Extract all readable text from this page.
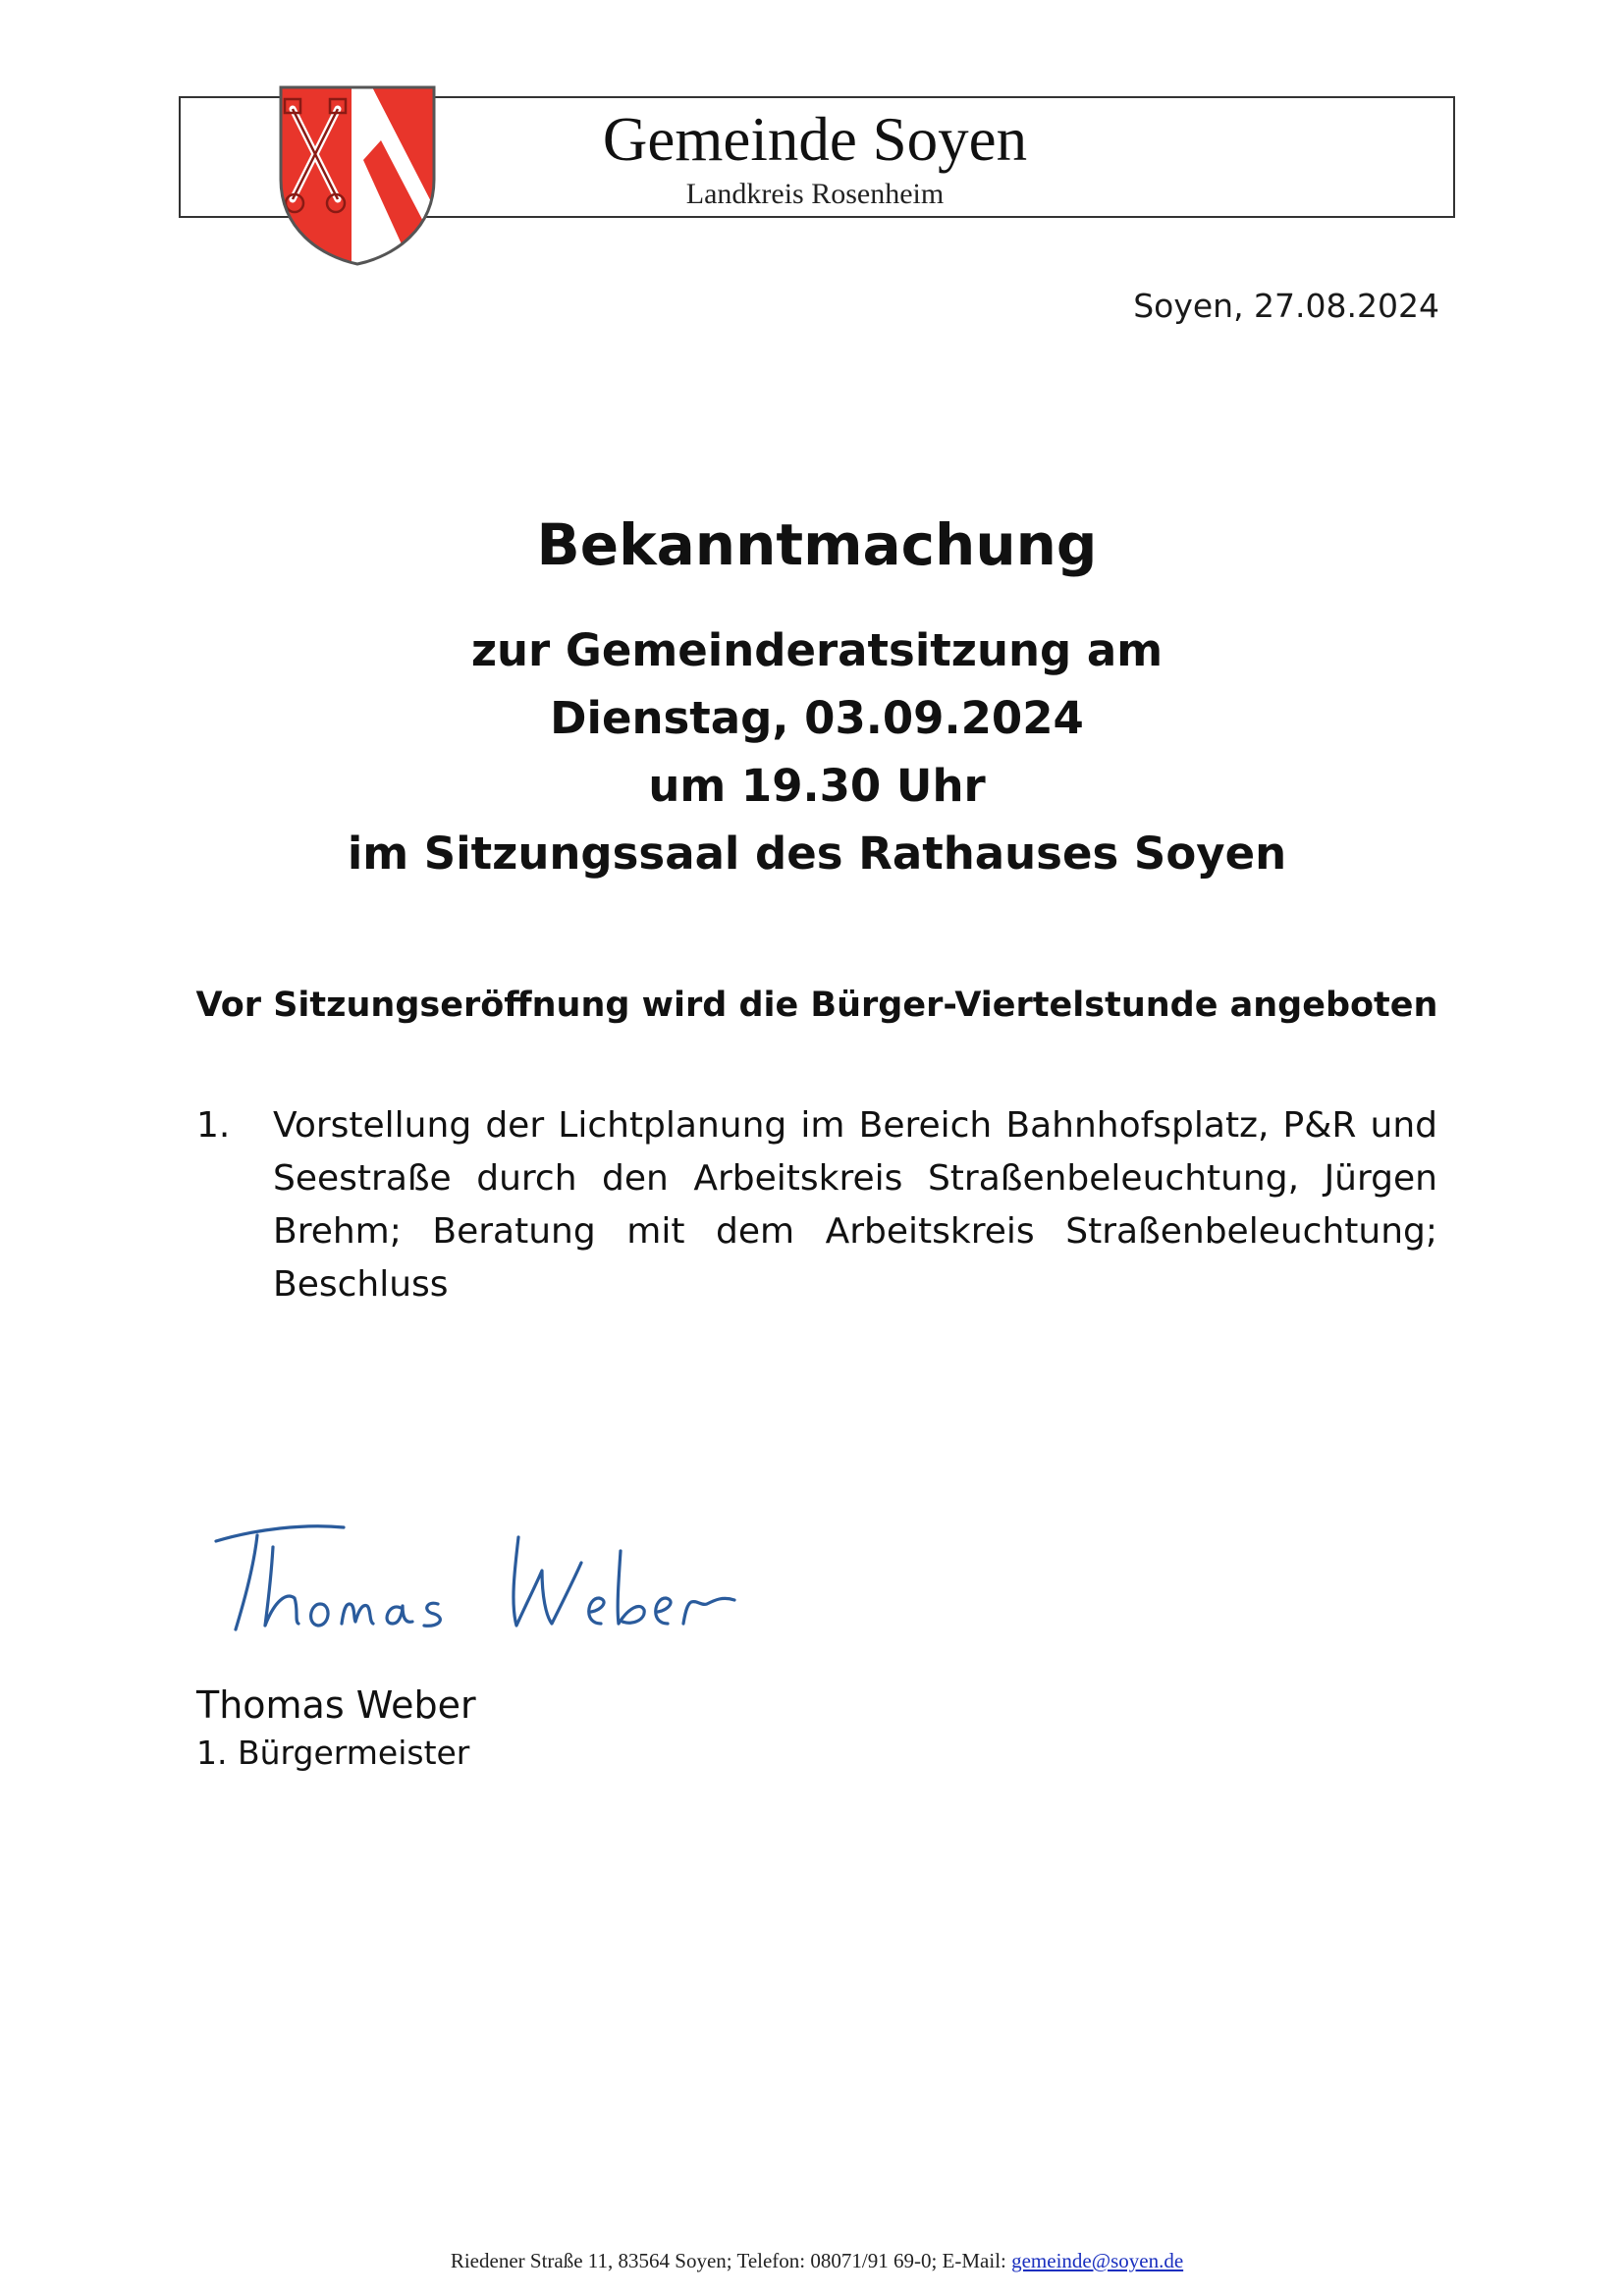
Gemeinde Soyen
Landkreis Rosenheim
Soyen, 27.08.2024
Bekanntmachung
zur Gemeinderatsitzung am
Dienstag, 03.09.2024
um 19.30 Uhr
im Sitzungssaal des Rathauses Soyen
Vor Sitzungseröffnung wird die Bürger-Viertelstunde angeboten
1. Vorstellung der Lichtplanung im Bereich Bahnhofsplatz, P&R und Seestraße durch den Arbeitskreis Straßenbeleuchtung, Jürgen Brehm; Beratung mit dem Arbeitskreis Straßenbeleuchtung; Beschluss
Thomas Weber
1. Bürgermeister
Riedener Straße 11, 83564 Soyen; Telefon: 08071/91 69-0; E-Mail: gemeinde@soyen.de
